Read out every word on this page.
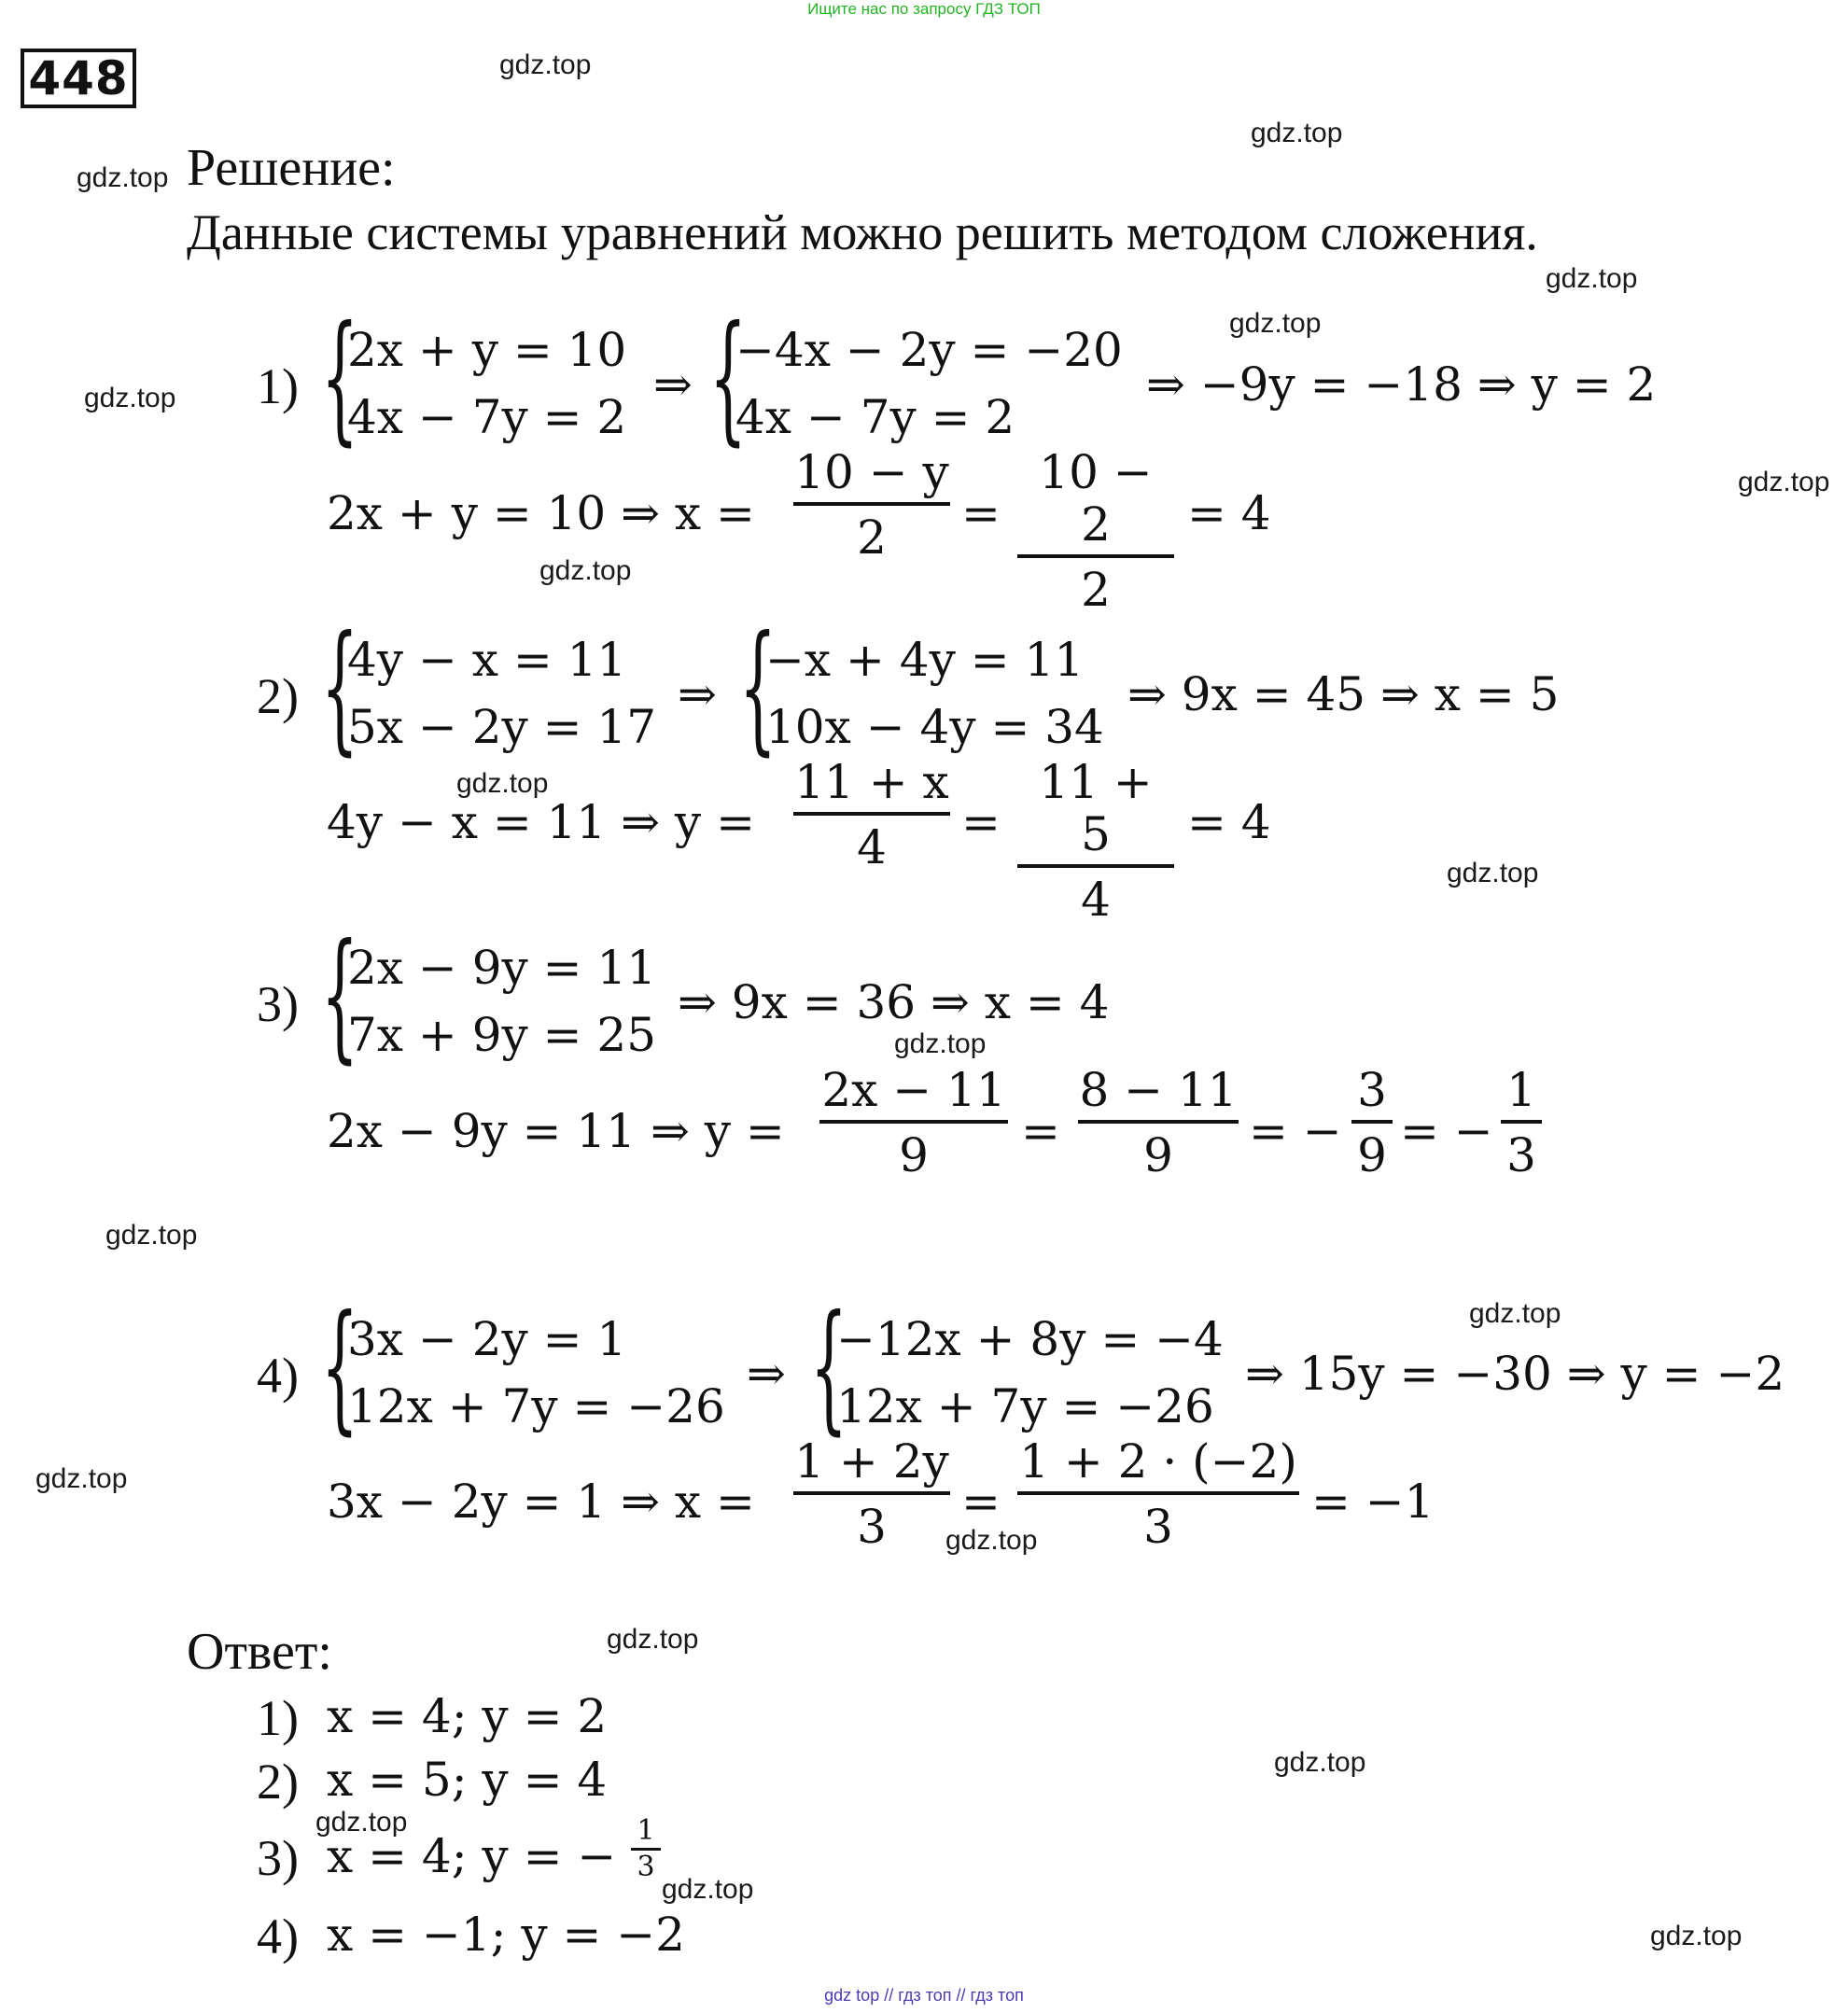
Ищите нас по запросу ГДЗ ТОП
448	gdz.top
gdz.top
gdz.top
gdz.top
gdz.top
gdz.top
gdz.top
gdz.top
gdz.top
gdz.top
gdz.top
gdz.top
gdz.top
gdz.top
gdz.top
gdz.top
gdz.top
gdz.top
gdz.top
gdz.top
Решение:
Данные системы уравнений можно решить методом сложения.
1) {
2x + y = 10
4x − 7y = 2
⇒ {
−4x − 2y = −20
4x − 7y = 2
⇒ −9y = −18 ⇒ y = 2
2x + y = 10 ⇒ x =
10 − y
2	=
10 − 2
2
= 4
2) {
4y − x = 11
5x − 2y = 17
⇒ {
−x + 4y = 11
10x − 4y = 34
⇒ 9x = 45 ⇒ x = 5
4y − x = 11 ⇒ y =
11 + x
4	=
11 + 5
4
= 4
3) {
2x − 9y = 11
7x + 9y = 25
⇒ 9x = 36 ⇒ x = 4
2x − 9y = 11 ⇒ y =
2x − 11
9	=
8 − 11
9	= −
3
9 = −
1
3
4) {
3x − 2y = 1
12x + 7y = −26
⇒ {
−12x + 8y = −4
12x + 7y = −26
⇒ 15y = −30 ⇒ y = −2
3x − 2y = 1 ⇒ x =
1 + 2y
3	=
1 + 2 · (−2)
3	= −1
Ответ:
1) x = 4; y = 2
2) x = 5; y = 4
3) x = 4; y = − 1
3
4) x = −1; y = −2
gdz top // гдз топ // гдз топ
